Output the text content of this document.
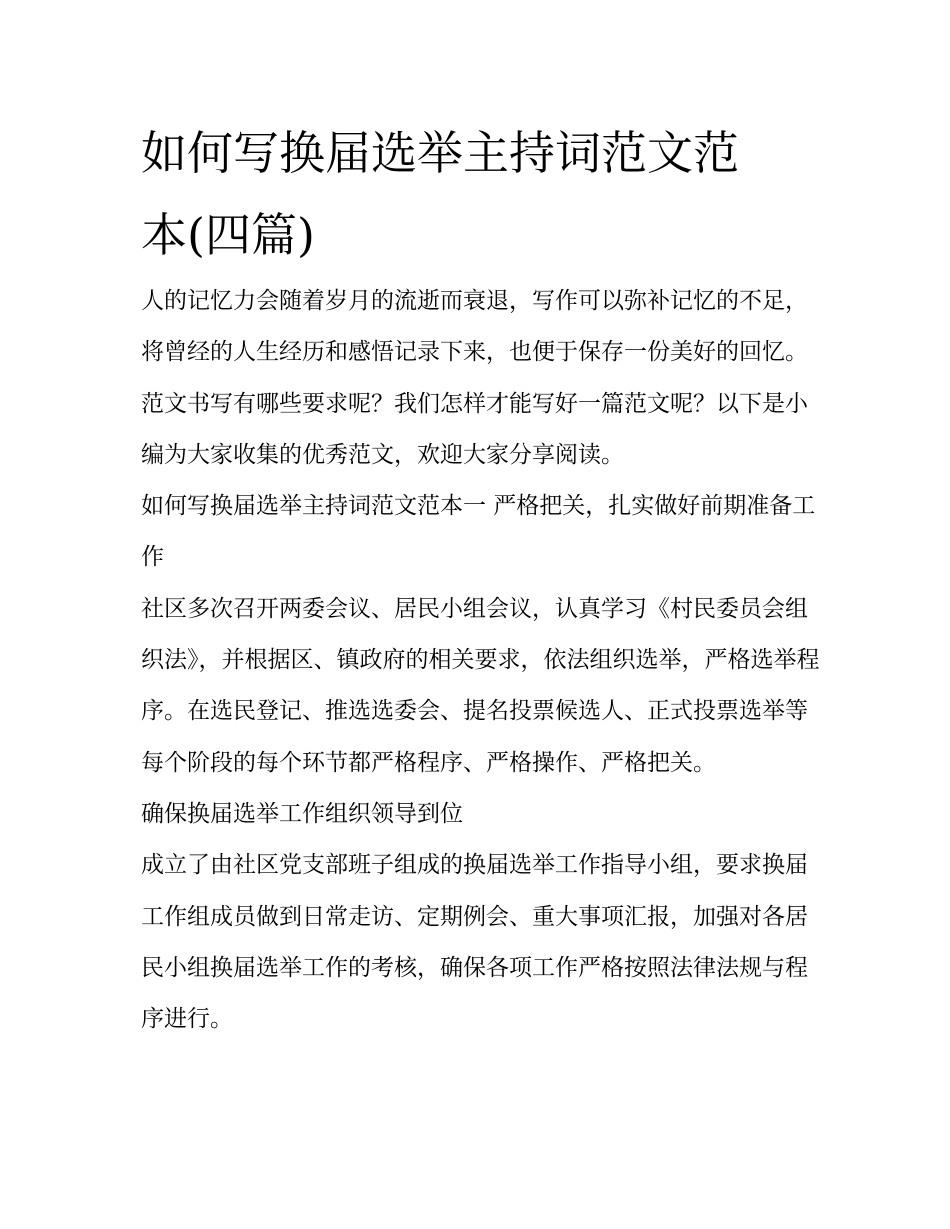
如何写换届选举主持词范文范
本(四篇)

人的记忆力会随着岁月的流逝而衰退，写作可以弥补记忆的不足，将曾经的人生经历和感悟记录下来，也便于保存一份美好的回忆。范文书写有哪些要求呢？我们怎样才能写好一篇范文呢？以下是小编为大家收集的优秀范文，欢迎大家分享阅读。

如何写换届选举主持词范文范本一 严格把关，扎实做好前期准备工作

社区多次召开两委会议、居民小组会议，认真学习《村民委员会组织法》，并根据区、镇政府的相关要求，依法组织选举，严格选举程序。在选民登记、推选选委会、提名投票候选人、正式投票选举等每个阶段的每个环节都严格程序、严格操作、严格把关。

确保换届选举工作组织领导到位

成立了由社区党支部班子组成的换届选举工作指导小组，要求换届工作组成员做到日常走访、定期例会、重大事项汇报，加强对各居民小组换届选举工作的考核，确保各项工作严格按照法律法规与程序进行。
